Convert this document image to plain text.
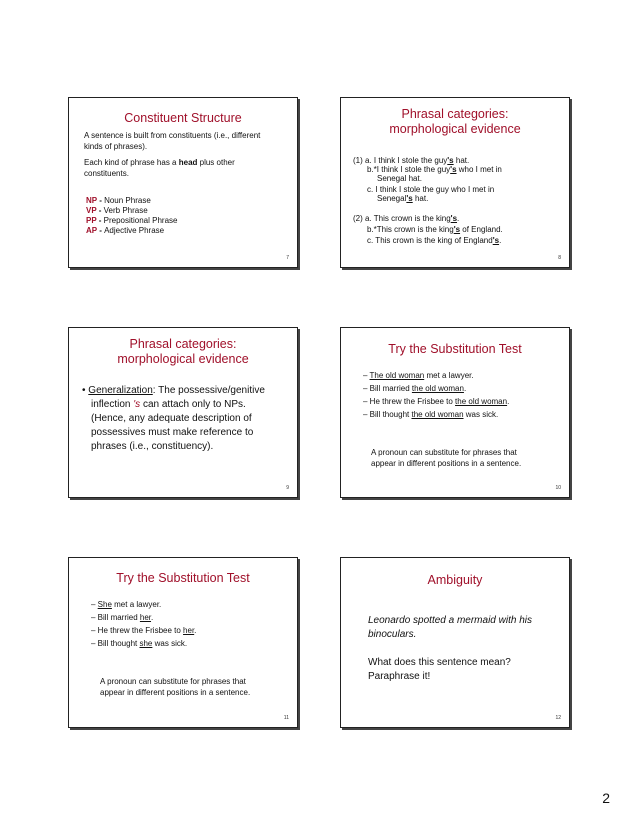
Constituent Structure
A sentence is built from constituents (i.e., different
kinds of phrases).
Each kind of phrase has a head plus other
constituents.
NP - Noun Phrase
VP - Verb Phrase
PP - Prepositional Phrase
AP - Adjective Phrase
7
Phrasal categories:
morphological evidence
(1) a. I think I stole the guy's hat.
b.*I think I stole the guy's who I met in
Senegal hat.
c. I think I stole the guy who I met in
Senegal's hat.
(2) a. This crown is the king's.
b.*This crown is the king's of England.
c. This crown is the king of England's.
8
Phrasal categories:
morphological evidence
• Generalization: The possessive/genitive
inflection 's can attach only to NPs.
(Hence, any adequate description of
possessives must make reference to
phrases (i.e., constituency).
9
Try the Substitution Test
– The old woman met a lawyer.
– Bill married the old woman.
– He threw the Frisbee to the old woman.
– Bill thought the old woman was sick.
A pronoun can substitute for phrases that
appear in different positions in a sentence.
10
Try the Substitution Test
– She met a lawyer.
– Bill married her.
– He threw the Frisbee to her.
– Bill thought she was sick.
A pronoun can substitute for phrases that
appear in different positions in a sentence.
11
Ambiguity
Leonardo spotted a mermaid with his
binoculars.
What does this sentence mean?
Paraphrase it!
12
2
